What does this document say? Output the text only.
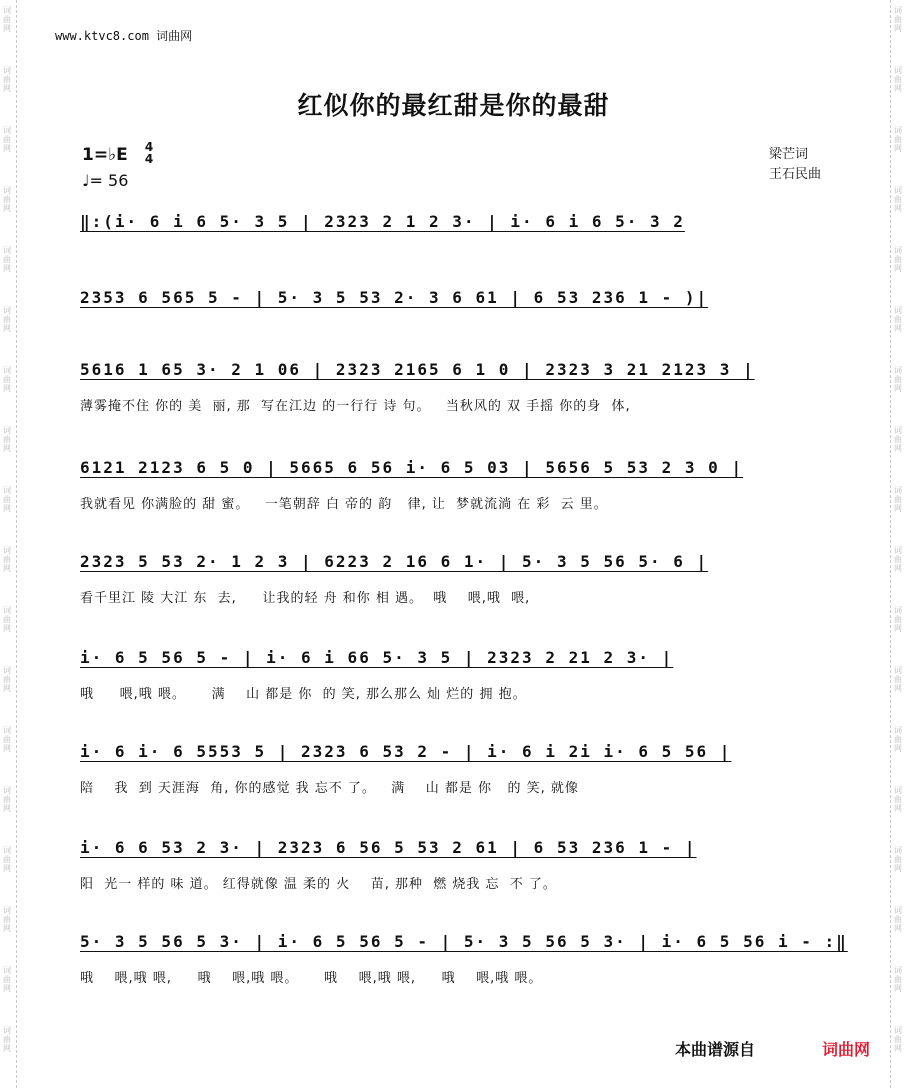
词
曲
网
词
曲
网
词
曲
网
词
曲
网
词
曲
网
词
曲
网
词
曲
网
词
曲
网
词
曲
网
词
曲
网
词
曲
网
词
曲
网
词
曲
网
词
曲
网
词
曲
网
词
曲
网
词
曲
网
词
曲
网
词
曲
网
词
曲
网
词
曲
网
词
曲
网
词
曲
网
词
曲
网
词
曲
网
词
曲
网
词
曲
网
词
曲
网
词
曲
网
词
曲
网
词
曲
网
词
曲
网
词
曲
网
词
曲
网
词
曲
网
词
曲
网
www.ktvc8.com 词曲网
红似你的最红甜是你的最甜
1=♭E 4
4
♩= 56
梁芒词
王石民曲
‖:(i· 6 i 6 5· 3 5 | 2323 2 1 2 3· | i· 6 i 6 5· 3 2
2353 6 565 5 - | 5· 3 5 53 2· 3 6 61 | 6 53 236 1 - )|
5616 1 65 3· 2 1 06 | 2323 2165 6 1 0 | 2323 3 21 2123 3 |
薄雾掩不住 你的 美  丽, 那  写在江边 的一行行 诗 句。   当秋风的 双 手摇 你的身  体,
6121 2123 6 5 0 | 5665 6 56 i· 6 5 03 | 5656 5 53 2 3 0 |
我就看见 你满脸的 甜 蜜。   一笔朝辞 白 帝的 韵   律, 让  梦就流淌 在 彩  云 里。
2323 5 53 2· 1 2 3 | 6223 2 16 6 1· | 5· 3 5 56 5· 6 |
看千里江 陵 大江 东  去,     让我的轻 舟 和你 相 遇。  哦    喂,哦  喂,
i· 6 5 56 5 - | i· 6 i 66 5· 3 5 | 2323 2 21 2 3· |
哦     喂,哦 喂。     满    山 都是 你  的 笑, 那么那么 灿 烂的 拥 抱。
i· 6 i· 6 5553 5 | 2323 6 53 2 - | i· 6 i 2i i· 6 5 56 |
陪    我  到 天涯海  角, 你的感觉 我 忘不 了。   满    山 都是 你   的 笑, 就像
i· 6 6 53 2 3· | 2323 6 56 5 53 2 61 | 6 53 236 1 - |
阳  光一 样的 味 道。 红得就像 温 柔的 火    苗, 那种  燃 烧我 忘  不 了。
5· 3 5 56 5 3· | i· 6 5 56 5 - | 5· 3 5 56 5 3· | i· 6 5 56 i - :‖
哦    喂,哦 喂,     哦    喂,哦 喂。     哦    喂,哦 喂,     哦    喂,哦 喂。
本曲谱源自	词曲网
